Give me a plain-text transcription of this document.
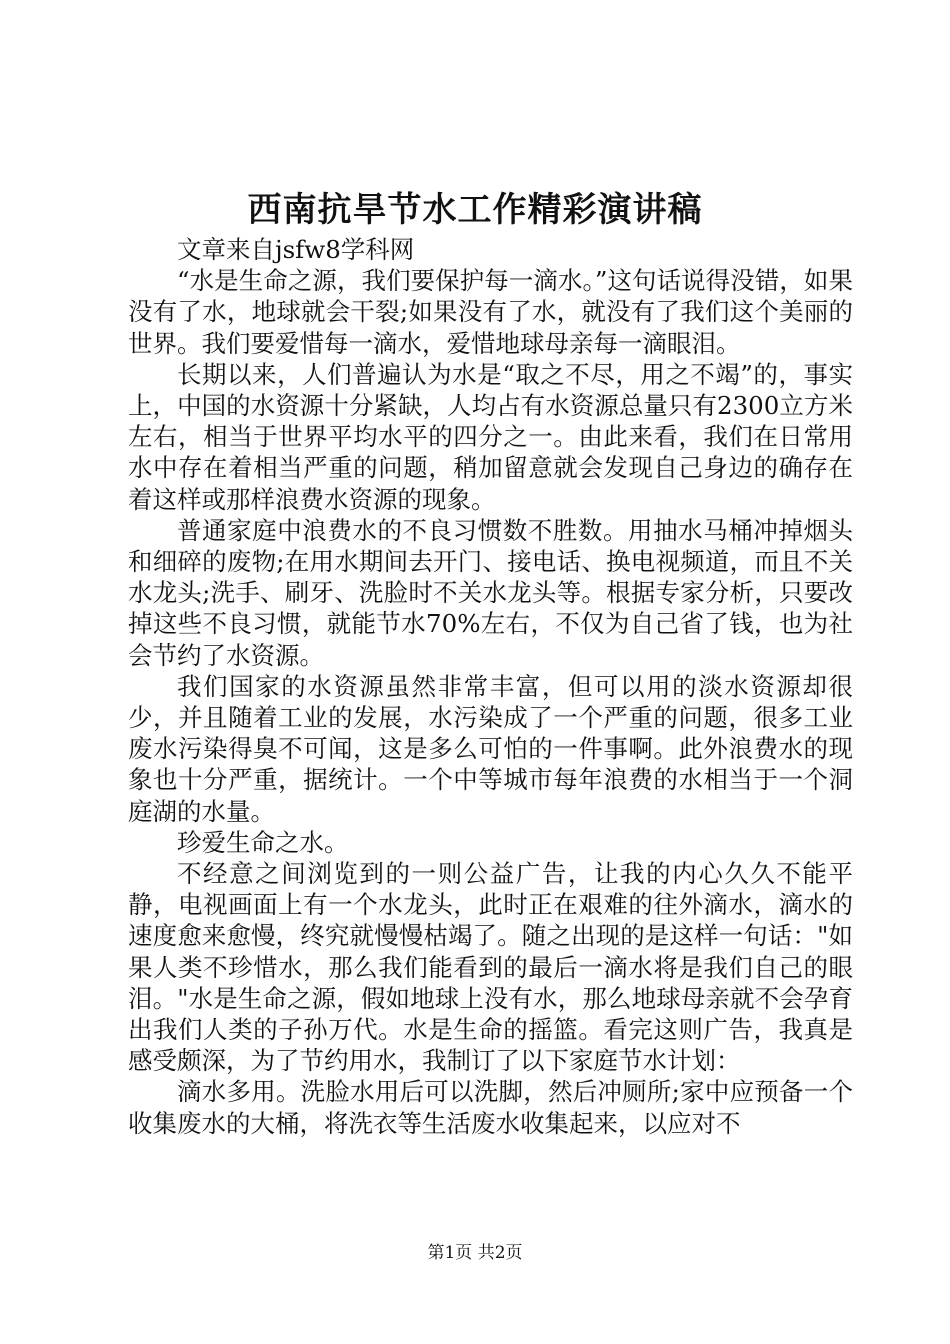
西南抗旱节水工作精彩演讲稿

文章来自jsfw8学科网

“水是生命之源，我们要保护每一滴水。”这句话说得没错，如果没有了水，地球就会干裂;如果没有了水，就没有了我们这个美丽的世界。我们要爱惜每一滴水，爱惜地球母亲每一滴眼泪。

长期以来，人们普遍认为水是“取之不尽，用之不竭”的，事实上，中国的水资源十分紧缺，人均占有水资源总量只有2300立方米左右，相当于世界平均水平的四分之一。由此来看，我们在日常用水中存在着相当严重的问题，稍加留意就会发现自己身边的确存在着这样或那样浪费水资源的现象。

普通家庭中浪费水的不良习惯数不胜数。用抽水马桶冲掉烟头和细碎的废物;在用水期间去开门、接电话、换电视频道，而且不关水龙头;洗手、刷牙、洗脸时不关水龙头等。根据专家分析，只要改掉这些不良习惯，就能节水70%左右，不仅为自己省了钱，也为社会节约了水资源。

我们国家的水资源虽然非常丰富，但可以用的淡水资源却很少，并且随着工业的发展，水污染成了一个严重的问题，很多工业废水污染得臭不可闻，这是多么可怕的一件事啊。此外浪费水的现象也十分严重，据统计。一个中等城市每年浪费的水相当于一个洞庭湖的水量。

珍爱生命之水。

不经意之间浏览到的一则公益广告，让我的内心久久不能平静，电视画面上有一个水龙头，此时正在艰难的往外滴水，滴水的速度愈来愈慢，终究就慢慢枯竭了。随之出现的是这样一句话："如果人类不珍惜水，那么我们能看到的最后一滴水将是我们自己的眼泪。"水是生命之源，假如地球上没有水，那么地球母亲就不会孕育出我们人类的子孙万代。水是生命的摇篮。看完这则广告，我真是感受颇深，为了节约用水，我制订了以下家庭节水计划：

滴水多用。洗脸水用后可以洗脚，然后冲厕所;家中应预备一个收集废水的大桶，将洗衣等生活废水收集起来，以应对不

第1页 共2页
